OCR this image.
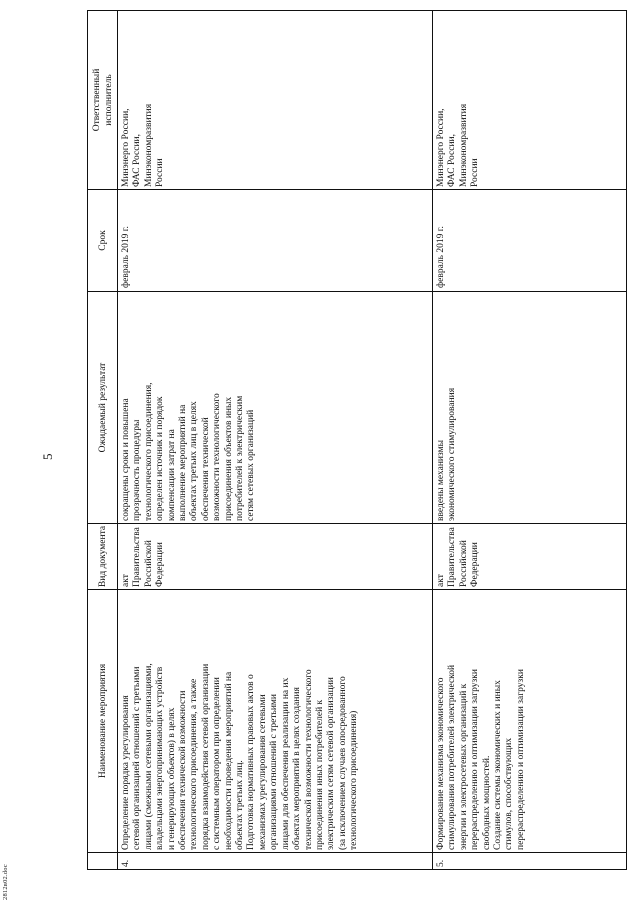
5
2812в02.doc
Наименование мероприятия
Вид документа
Ожидаемый результат
Срок
Ответственный
исполнитель
4.
Определение порядка урегулирования
сетевой организацией отношений с третьими
лицами (смежными сетевыми организациями,
владельцами энергопринимающих устройств
и генерирующих объектов) в целях
обеспечения технической возможности
технологического присоединения, а также
порядка взаимодействия сетевой организации
с системным оператором при определении
необходимости проведения мероприятий на
объектах третьих лиц.
Подготовка нормативных правовых актов о
механизмах урегулирования сетевыми
организациями отношений с третьими
лицами для обеспечения реализации на их
объектах мероприятий в целях создания
технической возможности технологического
присоединения иных потребителей к
электрическим сетям сетевой организации
(за исключением случаев опосредованного
технологического присоединения)
акт
Правительства
Российской
Федерации
сокращены сроки и повышена
прозрачность процедуры
технологического присоединения,
определен источник и порядок
компенсации затрат на
выполнение мероприятий на
объектах третьих лиц в целях
обеспечения технической
возможности технологического
присоединения объектов иных
потребителей к электрическим
сетям сетевых организаций
февраль 2019 г.
Минэнерго России,
ФАС России,
Минэкономразвития
России
5.
Формирование механизма экономического
стимулирования потребителей электрической
энергии и электросетевых организаций к
перераспределению и оптимизации загрузки
свободных мощностей.
Создание системы экономических и иных
стимулов, способствующих
перераспределению и оптимизации загрузки
акт
Правительства
Российской
Федерации
введены механизмы
экономического стимулирования
февраль 2019 г.
Минэнерго России,
ФАС России,
Минэкономразвития
России
